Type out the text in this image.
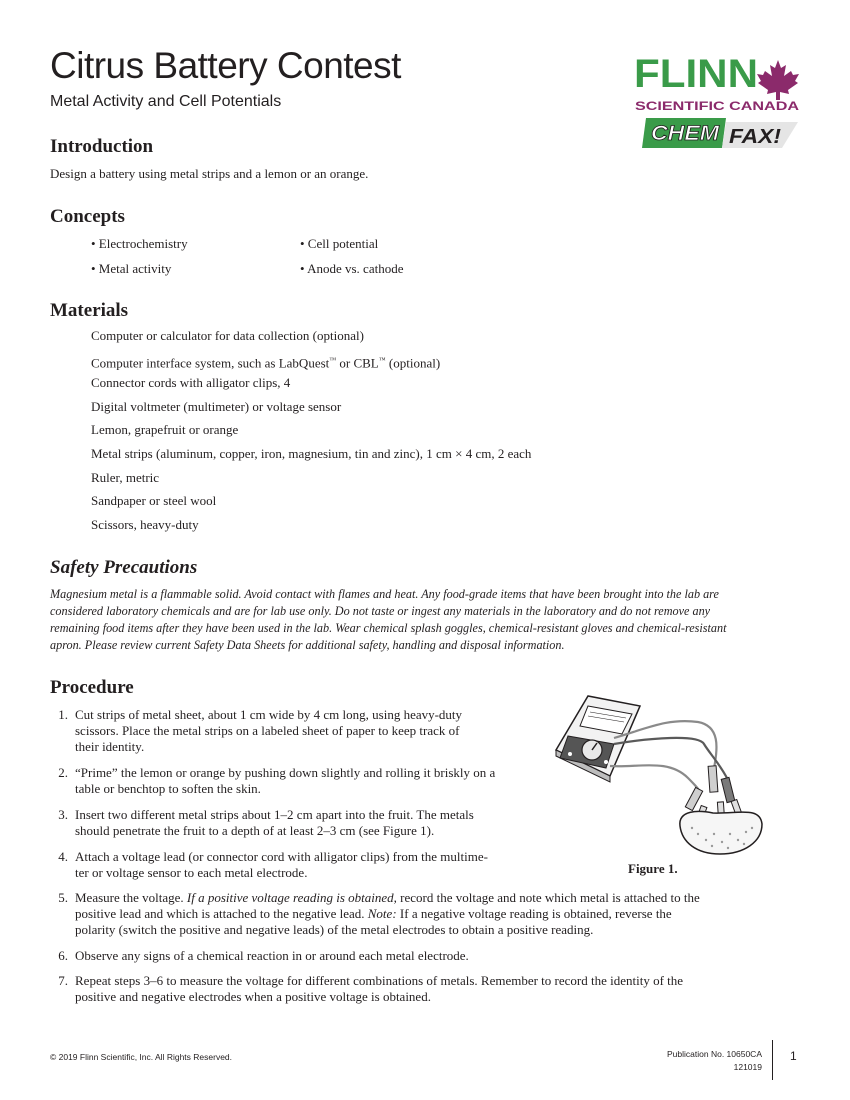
Citrus Battery Contest
Metal Activity and Cell Potentials
FLINN
SCIENTIFIC CANADA
CHEM FAX!
Introduction

Design a battery using metal strips and a lemon or an orange.

Concepts
• Electrochemistry	• Cell potential
• Metal activity	• Anode vs. cathode
Materials
Computer or calculator for data collection (optional)
Computer interface system, such as LabQuest™ or CBL™ (optional)
Connector cords with alligator clips, 4
Digital voltmeter (multimeter) or voltage sensor
Lemon, grapefruit or orange
Metal strips (aluminum, copper, iron, magnesium, tin and zinc), 1 cm × 4 cm, 2 each
Ruler, metric
Sandpaper or steel wool
Scissors, heavy-duty
Safety Precautions

Magnesium metal is a flammable solid. Avoid contact with flames and heat. Any food-grade items that have been brought into the lab are considered laboratory chemicals and are for lab use only. Do not taste or ingest any materials in the laboratory and do not remove any remaining food items after they have been used in the lab. Wear chemical splash goggles, chemical-resistant gloves and chemical-resistant apron. Please review current Safety Data Sheets for additional safety, handling and disposal information.

Procedure
1. Cut strips of metal sheet, about 1 cm wide by 4 cm long, using heavy-duty
scissors. Place the metal strips on a labeled sheet of paper to keep track of
their identity.
2. “Prime” the lemon or orange by pushing down slightly and rolling it briskly on a
table or benchtop to soften the skin.
3. Insert two different metal strips about 1–2 cm apart into the fruit. The metals
should penetrate the fruit to a depth of at least 2–3 cm (see Figure 1).
4. Attach a voltage lead (or connector cord with alligator clips) from the multime-
ter or voltage sensor to each metal electrode.
5. Measure the voltage. If a positive voltage reading is obtained, record the voltage and note which metal is attached to the
positive lead and which is attached to the negative lead. Note: If a negative voltage reading is obtained, reverse the
polarity (switch the positive and negative leads) of the metal electrodes to obtain a positive reading.
6. Observe any signs of a chemical reaction in or around each metal electrode.
7. Repeat steps 3–6 to measure the voltage for different combinations of metals. Remember to record the identity of the
positive and negative electrodes when a positive voltage is obtained.
Figure 1.
© 2019 Flinn Scientific, Inc. All Rights Reserved.	Publication No. 10650CA
121019
1
